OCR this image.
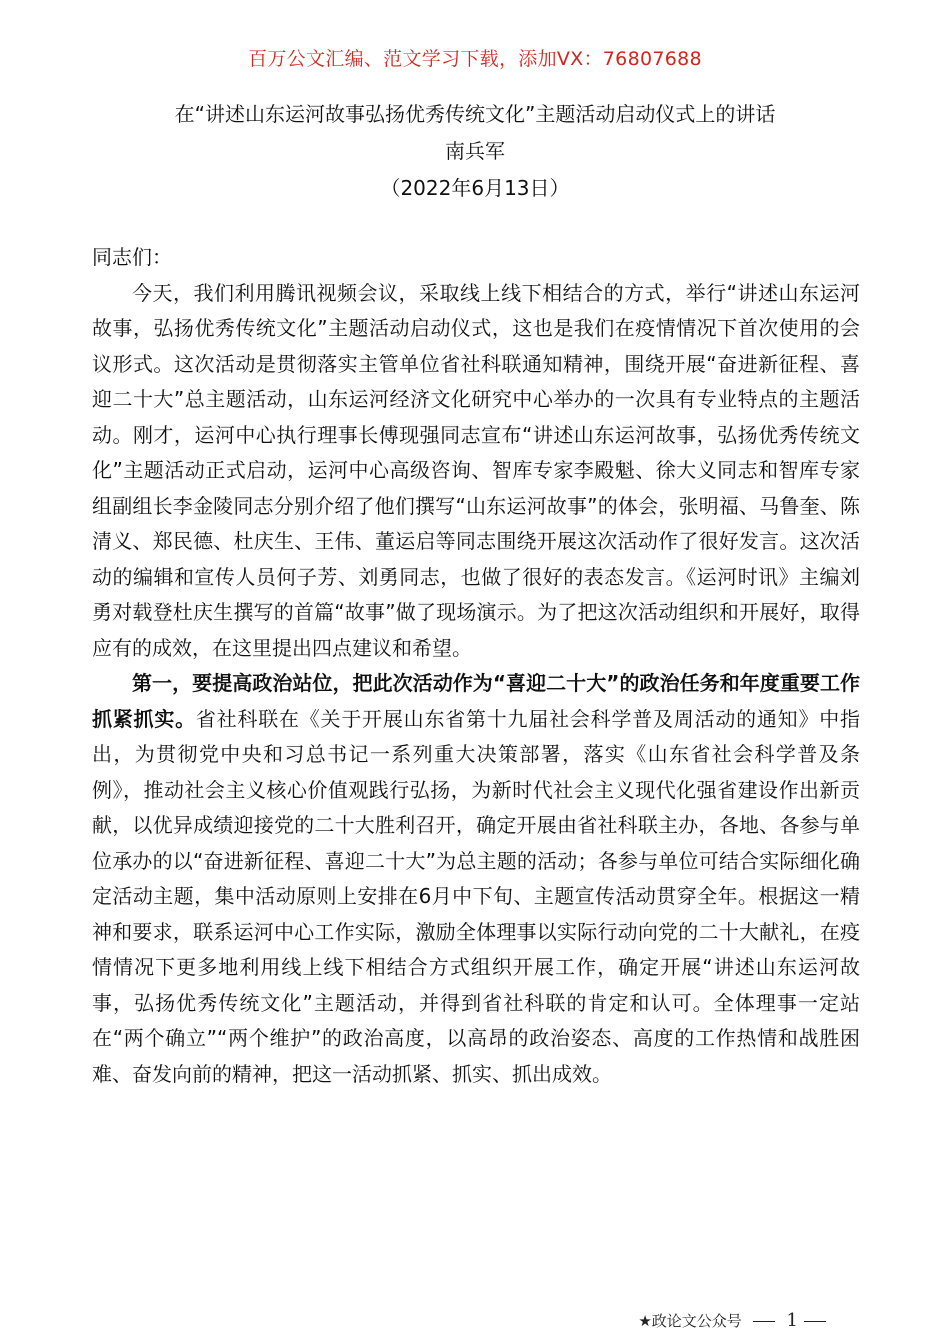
百万公文汇编、范文学习下载，添加VX：76807688
在“讲述山东运河故事弘扬优秀传统文化”主题活动启动仪式上的讲话
南兵军
（2022年6月13日）

同志们：

今天，我们利用腾讯视频会议，采取线上线下相结合的方式，举行“讲述山东运河故事，弘扬优秀传统文化”主题活动启动仪式，这也是我们在疫情情况下首次使用的会议形式。这次活动是贯彻落实主管单位省社科联通知精神，围绕开展“奋进新征程、喜迎二十大”总主题活动，山东运河经济文化研究中心举办的一次具有专业特点的主题活动。刚才，运河中心执行理事长傅现强同志宣布“讲述山东运河故事，弘扬优秀传统文化”主题活动正式启动，运河中心高级咨询、智库专家李殿魁、徐大义同志和智库专家组副组长李金陵同志分别介绍了他们撰写“山东运河故事”的体会，张明福、马鲁奎、陈清义、郑民德、杜庆生、王伟、董运启等同志围绕开展这次活动作了很好发言。这次活动的编辑和宣传人员何子芳、刘勇同志，也做了很好的表态发言。《运河时讯》主编刘勇对载登杜庆生撰写的首篇“故事”做了现场演示。为了把这次活动组织和开展好，取得应有的成效，在这里提出四点建议和希望。

第一，要提高政治站位，把此次活动作为“喜迎二十大”的政治任务和年度重要工作抓紧抓实。省社科联在《关于开展山东省第十九届社会科学普及周活动的通知》中指出，为贯彻党中央和习总书记一系列重大决策部署，落实《山东省社会科学普及条例》，推动社会主义核心价值观践行弘扬，为新时代社会主义现代化强省建设作出新贡献，以优异成绩迎接党的二十大胜利召开，确定开展由省社科联主办，各地、各参与单位承办的以“奋进新征程、喜迎二十大”为总主题的活动；各参与单位可结合实际细化确定活动主题，集中活动原则上安排在6月中下旬、主题宣传活动贯穿全年。根据这一精神和要求，联系运河中心工作实际，激励全体理事以实际行动向党的二十大献礼，在疫情情况下更多地利用线上线下相结合方式组织开展工作，确定开展“讲述山东运河故事，弘扬优秀传统文化”主题活动，并得到省社科联的肯定和认可。全体理事一定站在“两个确立”“两个维护”的政治高度，以高昂的政治姿态、高度的工作热情和战胜困难、奋发向前的精神，把这一活动抓紧、抓实、抓出成效。

★政论文公众号 1
